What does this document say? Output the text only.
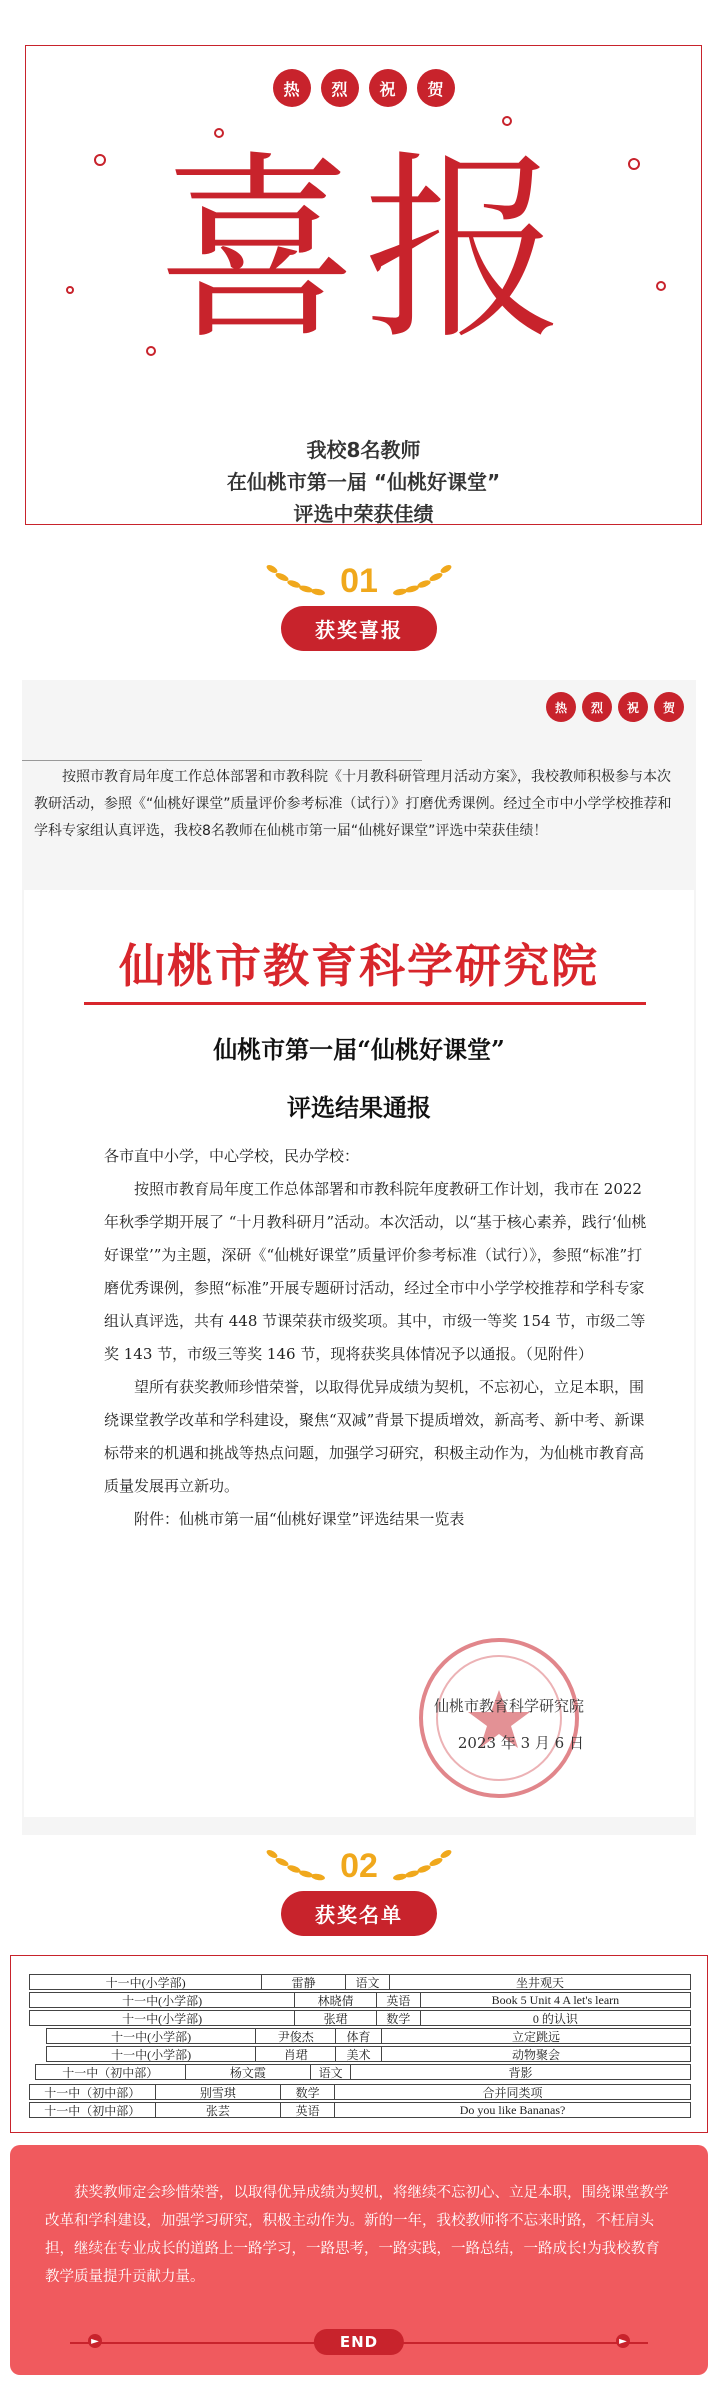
热	烈	祝	贺
喜报
我校8名教师
在仙桃市第一届 “仙桃好课堂”
评选中荣获佳绩
01
获奖喜报
热	烈	祝	贺
按照市教育局年度工作总体部署和市教科院《十月教科研管理月活动方案》，我校教师积极参与本次教研活动，参照《“仙桃好课堂”质量评价参考标准（试行）》打磨优秀课例。经过全市中小学学校推荐和学科专家组认真评选，我校8名教师在仙桃市第一届“仙桃好课堂”评选中荣获佳绩！
仙桃市教育科学研究院
仙桃市第一届“仙桃好课堂”
评选结果通报

各市直中小学，中心学校，民办学校：

按照市教育局年度工作总体部署和市教科院年度教研工作计划，我市在 2022 年秋季学期开展了 “十月教科研月”活动。本次活动，以“基于核心素养，践行‘仙桃好课堂’”为主题，深研《“仙桃好课堂”质量评价参考标准（试行）》，参照“标准”打磨优秀课例，参照“标准”开展专题研讨活动，经过全市中小学学校推荐和学科专家组认真评选，共有 448 节课荣获市级奖项。其中，市级一等奖 154 节，市级二等奖 143 节，市级三等奖 146 节，现将获奖具体情况予以通报。（见附件）

望所有获奖教师珍惜荣誉，以取得优异成绩为契机，不忘初心，立足本职，围绕课堂教学改革和学科建设，聚焦“双减”背景下提质增效，新高考、新中考、新课标带来的机遇和挑战等热点问题，加强学习研究，积极主动作为，为仙桃市教育高质量发展再立新功。

附件：仙桃市第一届“仙桃好课堂”评选结果一览表

仙桃市教育科学研究院
2023 年 3 月 6 日
02
获奖名单
十一中(小学部)	雷静	语文	坐井观天
十一中(小学部)	林晓倩	英语	Book 5 Unit 4 A let's learn
十一中(小学部)	张珺	数学	0 的认识
十一中(小学部)	尹俊杰	体育	立定跳远
十一中(小学部)	肖珺	美术	动物聚会
十一中（初中部）	杨文霞	语文	背影
十一中（初中部）	别雪琪	数学	合并同类项
十一中（初中部）	张芸	英语	Do you like Bananas?
获奖教师定会珍惜荣誉，以取得优异成绩为契机，将继续不忘初心、立足本职，围绕课堂教学改革和学科建设，加强学习研究，积极主动作为。新的一年，我校教师将不忘来时路，不枉肩头担，继续在专业成长的道路上一路学习，一路思考，一路实践，一路总结，一路成长!为我校教育教学质量提升贡献力量。
►	►
END
